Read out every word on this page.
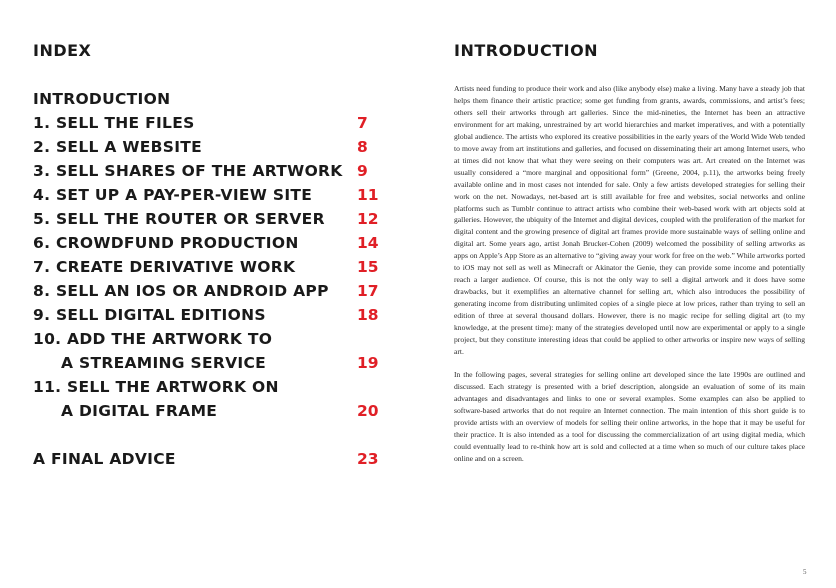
INDEX
INTRODUCTION
1. SELL THE FILES	7
2. SELL A WEBSITE	8
3. SELL SHARES OF THE ARTWORK 9
4. SET UP A PAY-PER-VIEW SITE	11
5. SELL THE ROUTER OR SERVER 12
6. CROWDFUND PRODUCTION	14
7. CREATE DERIVATIVE WORK	15
8. SELL AN IOS OR ANDROID APP 17
9. SELL DIGITAL EDITIONS	18
10. ADD THE ARTWORK TO
A STREAMING SERVICE	19
11. SELL THE ARTWORK ON
A DIGITAL FRAME	20
A FINAL ADVICE	23
INTRODUCTION

Artists need funding to produce their work and also (like anybody else) make a living. Many have a steady job that helps them finance their artistic practice; some get funding from grants, awards, commissions, and artist’s fees; others sell their artworks through art galleries. Since the mid-nineties, the Internet has been an attractive environment for art making, unrestrained by art world hierarchies and market imperatives, and with a potentially global audience. The artists who explored its creative possibilities in the early years of the World Wide Web tended to move away from art institutions and galleries, and focused on disseminating their art among Internet users, who at times did not know that what they were seeing on their computers was art. Art created on the Internet was usually considered a “more marginal and oppositional form” (Greene, 2004, p.11), the artworks being freely available online and in most cases not intended for sale. Only a few artists developed strategies for selling their work on the net. Nowadays, net-based art is still available for free and websites, social networks and online platforms such as Tumblr continue to attract artists who combine their web-based work with art objects sold at galleries. However, the ubiquity of the Internet and digital devices, coupled with the proliferation of the market for digital content and the growing presence of digital art frames provide more sustainable ways of selling online and digital art. Some years ago, artist Jonah Brucker-Cohen (2009) welcomed the possibility of selling artworks as apps on Apple’s App Store as an alternative to “giving away your work for free on the web.” While artworks ported to iOS may not sell as well as Minecraft or Akinator the Genie, they can provide some income and potentially reach a larger audience. Of course, this is not the only way to sell a digital artwork and it does have some drawbacks, but it exemplifies an alternative channel for selling art, which also introduces the possibility of generating income from distributing unlimited copies of a single piece at low prices, rather than trying to sell an edition of three at several thousand dollars. However, there is no magic recipe for selling digital art (to my knowledge, at the present time): many of the strategies developed until now are experimental or apply to a single project, but they constitute interesting ideas that could be applied to other artworks or inspire new ways of selling art.

In the following pages, several strategies for selling online art developed since the late 1990s are outlined and discussed. Each strategy is presented with a brief description, alongside an evaluation of some of its main advantages and disadvantages and links to one or several examples. Some examples can also be applied to software-based artworks that do not require an Internet connection. The main intention of this short guide is to provide artists with an overview of models for selling their online artworks, in the hope that it may be useful for their practice. It is also intended as a tool for discussing the commercialization of art using digital media, which could eventually lead to re-think how art is sold and collected at a time when so much of our culture takes place online and on a screen.

5
